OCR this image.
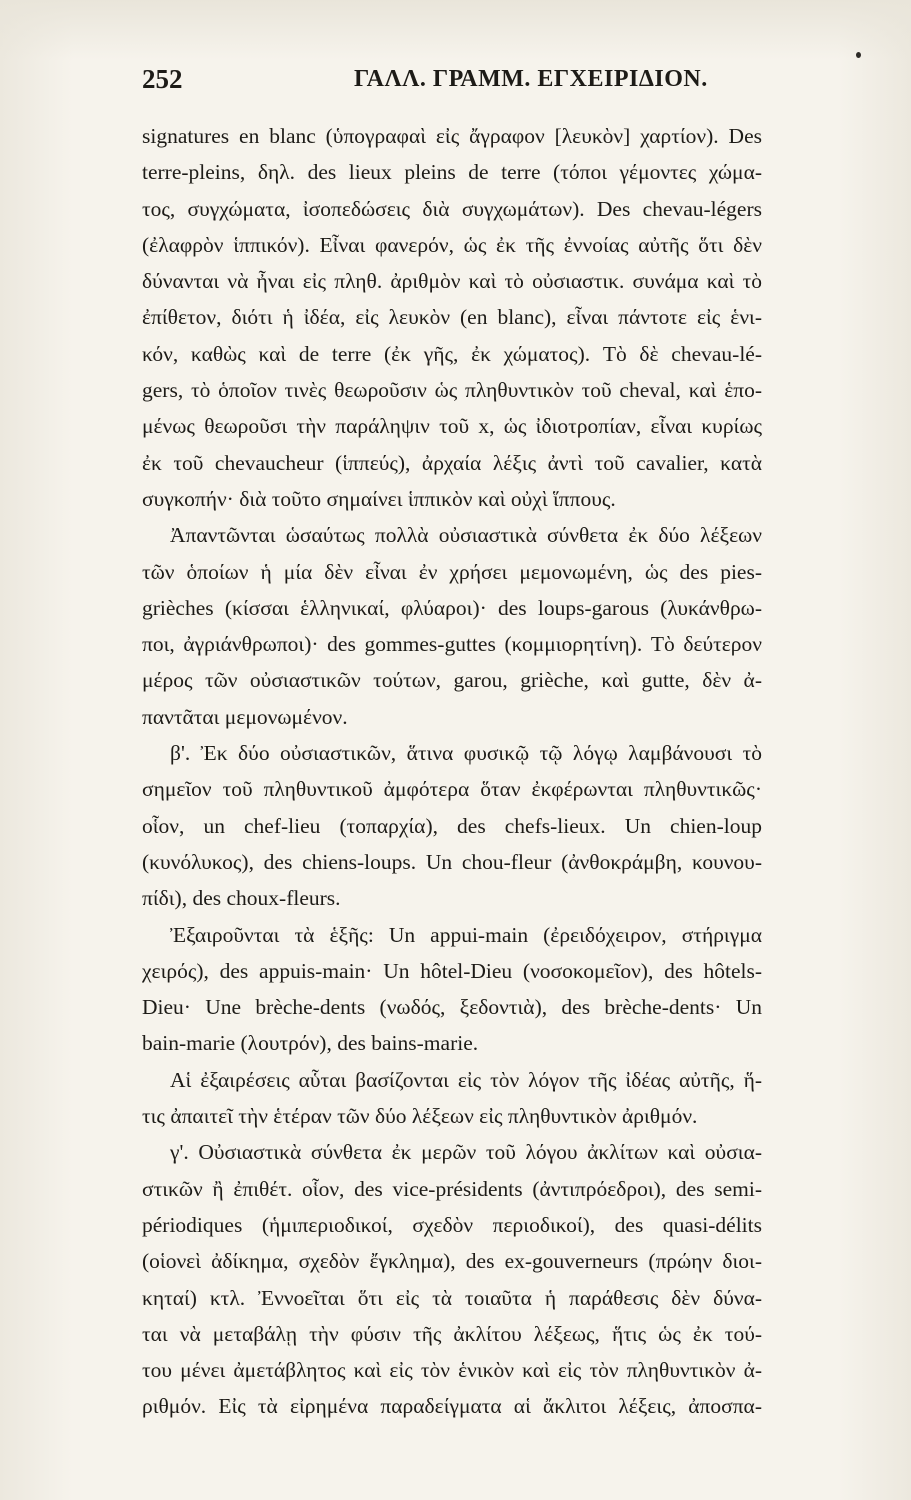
252	ΓΑΛΛ. ΓΡΑΜΜ. ΕΓΧΕΙΡΙΔΙΟΝ.
signatures en blanc (ὑπογραφαὶ εἰς ἄγραφον [λευκὸν] χαρτίον). Des
terre-pleins, δηλ. des lieux pleins de terre (τόποι γέμοντες χώμα-
τος, συγχώματα, ἰσοπεδώσεις διὰ συγχωμάτων). Des chevau-légers
(ἐλαφρὸν ἱππικόν). Εἶναι φανερόν, ὡς ἐκ τῆς ἐννοίας αὐτῆς ὅτι δὲν
δύνανται νὰ ἦναι εἰς πληθ. ἀριθμὸν καὶ τὸ οὐσιαστικ. συνάμα καὶ τὸ
ἐπίθετον, διότι ἡ ἰδέα, εἰς λευκὸν (en blanc), εἶναι πάντοτε εἰς ἑνι-
κόν, καθὼς καὶ de terre (ἐκ γῆς, ἐκ χώματος). Τὸ δὲ chevau-lé-
gers, τὸ ὁποῖον τινὲς θεωροῦσιν ὡς πληθυντικὸν τοῦ cheval, καὶ ἑπο-
μένως θεωροῦσι τὴν παράληψιν τοῦ x, ὡς ἰδιοτροπίαν, εἶναι κυρίως
ἐκ τοῦ chevaucheur (ἱππεύς), ἀρχαία λέξις ἀντὶ τοῦ cavalier, κατὰ
συγκοπήν· διὰ τοῦτο σημαίνει ἱππικὸν καὶ οὐχὶ ἵππους.
Ἀπαντῶνται ὡσαύτως πολλὰ οὐσιαστικὰ σύνθετα ἐκ δύο λέξεων
τῶν ὁποίων ἡ μία δὲν εἶναι ἐν χρήσει μεμονωμένη, ὡς des pies-
grièches (κίσσαι ἑλληνικαί, φλύαροι)· des loups-garous (λυκάνθρω-
ποι, ἀγριάνθρωποι)· des gommes-guttes (κομμιορητίνη). Τὸ δεύτερον
μέρος τῶν οὐσιαστικῶν τούτων, garou, grièche, καὶ gutte, δὲν ἀ-
παντᾶται μεμονωμένον.
β'. Ἐκ δύο οὐσιαστικῶν, ἅτινα φυσικῷ τῷ λόγῳ λαμβάνουσι τὸ
σημεῖον τοῦ πληθυντικοῦ ἀμφότερα ὅταν ἐκφέρωνται πληθυντικῶς·
οἷον, un chef-lieu (τοπαρχία), des chefs-lieux. Un chien-loup
(κυνόλυκος), des chiens-loups. Un chou-fleur (ἀνθοκράμβη, κουνου-
πίδι), des choux-fleurs.
Ἐξαιροῦνται τὰ ἑξῆς: Un appui-main (ἐρειδόχειρον, στήριγμα
χειρός), des appuis-main· Un hôtel-Dieu (νοσοκομεῖον), des hôtels-
Dieu· Une brèche-dents (νωδός, ξεδοντιὰ), des brèche-dents· Un
bain-marie (λουτρόν), des bains-marie.
Αἱ ἐξαιρέσεις αὗται βασίζονται εἰς τὸν λόγον τῆς ἰδέας αὐτῆς, ἥ-
τις ἀπαιτεῖ τὴν ἑτέραν τῶν δύο λέξεων εἰς πληθυντικὸν ἀριθμόν.
γ'. Οὐσιαστικὰ σύνθετα ἐκ μερῶν τοῦ λόγου ἀκλίτων καὶ οὐσια-
στικῶν ἢ ἐπιθέτ. οἷον, des vice-présidents (ἀντιπρόεδροι), des semi-
périodiques (ἡμιπεριοδικοί, σχεδὸν περιοδικοί), des quasi-délits
(οἱονεὶ ἀδίκημα, σχεδὸν ἔγκλημα), des ex-gouverneurs (πρώην διοι-
κηταί) κτλ. Ἐννοεῖται ὅτι εἰς τὰ τοιαῦτα ἡ παράθεσις δὲν δύνα-
ται νὰ μεταβάλῃ τὴν φύσιν τῆς ἀκλίτου λέξεως, ἥτις ὡς ἐκ τού-
του μένει ἀμετάβλητος καὶ εἰς τὸν ἑνικὸν καὶ εἰς τὸν πληθυντικὸν ἀ-
ριθμόν. Εἰς τὰ εἰρημένα παραδείγματα αἱ ἄκλιτοι λέξεις, ἀποσπα-
